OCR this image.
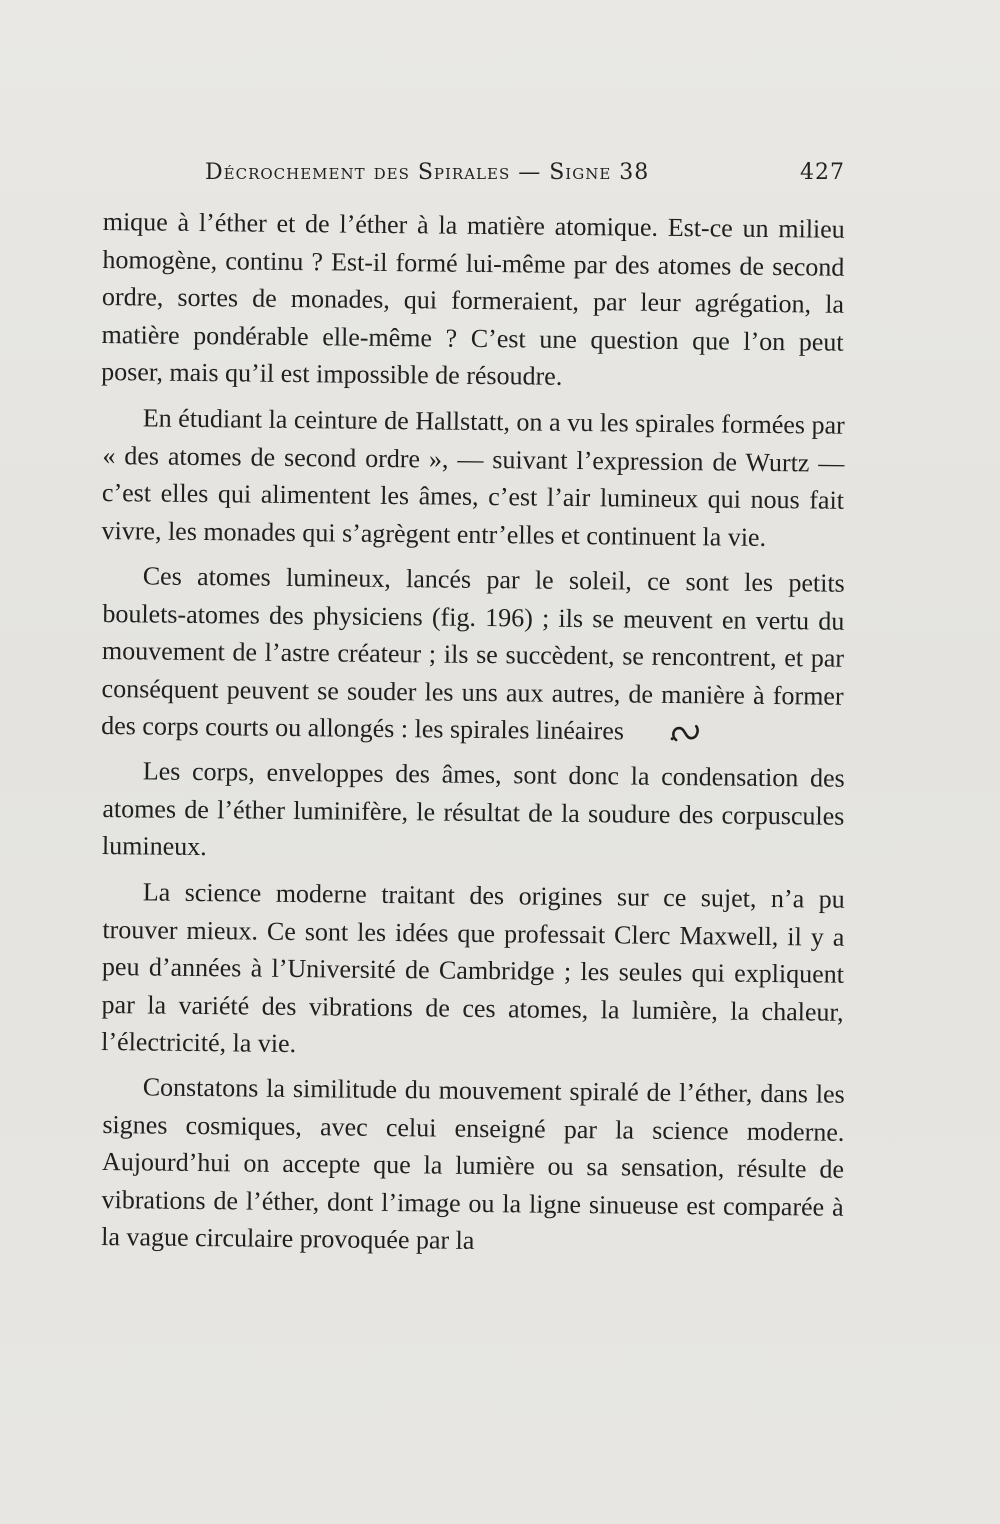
Décrochement des Spirales — Signe 38	427

mique à l’éther et de l’éther à la matière atomique. Est-ce un milieu homogène, continu ? Est-il formé lui-même par des atomes de second ordre, sortes de monades, qui formeraient, par leur agrégation, la matière pondérable elle-même ? C’est une question que l’on peut poser, mais qu’il est impossible de résoudre.

En étudiant la ceinture de Hallstatt, on a vu les spirales formées par « des atomes de second ordre », — suivant l’expression de Wurtz — c’est elles qui alimentent les âmes, c’est l’air lumineux qui nous fait vivre, les monades qui s’agrègent entr’elles et continuent la vie.

Ces atomes lumineux, lancés par le soleil, ce sont les petits boulets-atomes des physiciens (fig. 196) ; ils se meuvent en vertu du mouvement de l’astre créateur ; ils se succèdent, se rencontrent, et par conséquent peuvent se souder les uns aux autres, de manière à former des corps courts ou allongés : les spirales linéaires  .

Les corps, enveloppes des âmes, sont donc la condensation des atomes de l’éther luminifère, le résultat de la soudure des corpuscules lumineux.

La science moderne traitant des origines sur ce sujet, n’a pu trouver mieux. Ce sont les idées que professait Clerc Maxwell, il y a peu d’années à l’Université de Cambridge ; les seules qui expliquent par la variété des vibrations de ces atomes, la lumière, la chaleur, l’électricité, la vie.

Constatons la similitude du mouvement spiralé de l’éther, dans les signes cosmiques, avec celui enseigné par la science moderne. Aujourd’hui on accepte que la lumière ou sa sensation, résulte de vibrations de l’éther, dont l’image ou la ligne sinueuse est comparée à la vague circulaire provoquée par la
